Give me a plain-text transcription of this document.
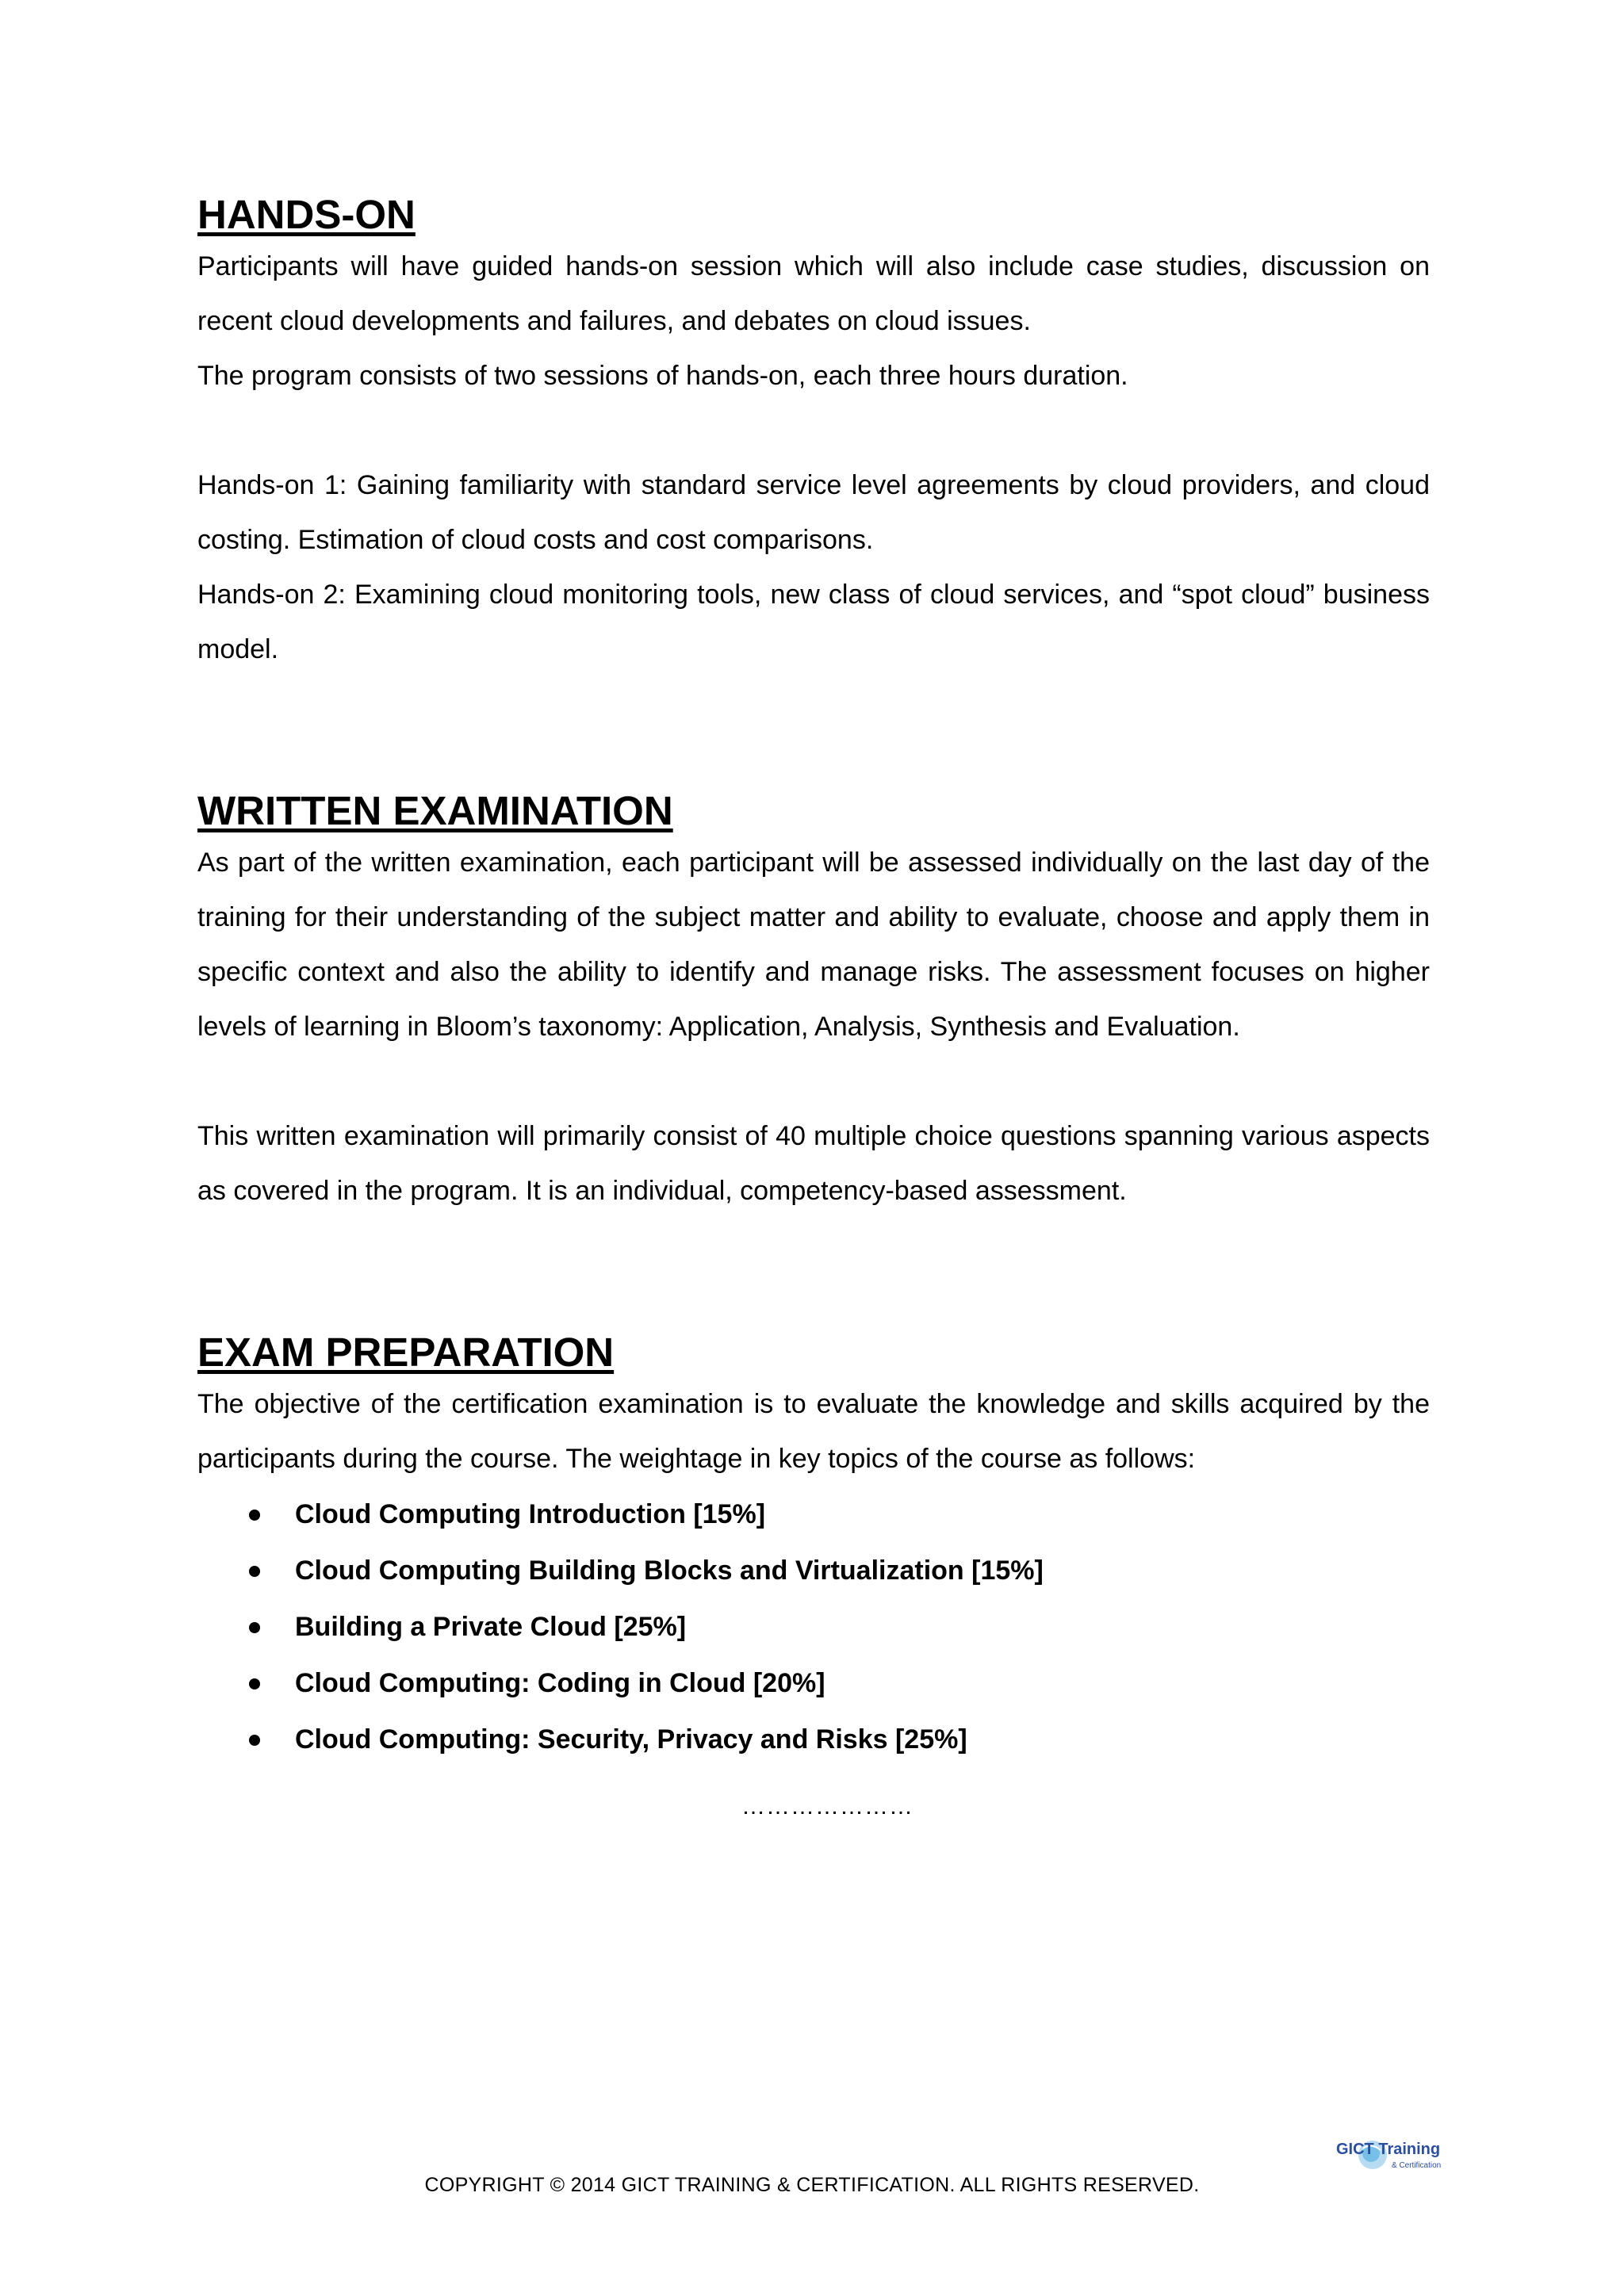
HANDS-ON

Participants will have guided hands-on session which will also include case studies, discussion on recent cloud developments and failures, and debates on cloud issues.

The program consists of two sessions of hands-on, each three hours duration.

Hands-on 1: Gaining familiarity with standard service level agreements by cloud providers, and cloud costing. Estimation of cloud costs and cost comparisons.

Hands-on 2: Examining cloud monitoring tools, new class of cloud services, and “spot cloud” business model.

WRITTEN EXAMINATION

As part of the written examination, each participant will be assessed individually on the last day of the training for their understanding of the subject matter and ability to evaluate, choose and apply them in specific context and also the ability to identify and manage risks. The assessment focuses on higher levels of learning in Bloom’s taxonomy: Application, Analysis, Synthesis and Evaluation.

This written examination will primarily consist of 40 multiple choice questions spanning various aspects as covered in the program. It is an individual, competency-based assessment.

EXAM PREPARATION

The objective of the certification examination is to evaluate the knowledge and skills acquired by the participants during the course. The weightage in key topics of the course as follows:

Cloud Computing Introduction [15%]
Cloud Computing Building Blocks and Virtualization [15%]
Building a Private Cloud [25%]
Cloud Computing: Coding in Cloud [20%]
Cloud Computing: Security, Privacy and Risks [25%]
…………………
GICT Training
& Certification
COPYRIGHT © 2014 GICT TRAINING & CERTIFICATION. ALL RIGHTS RESERVED.
